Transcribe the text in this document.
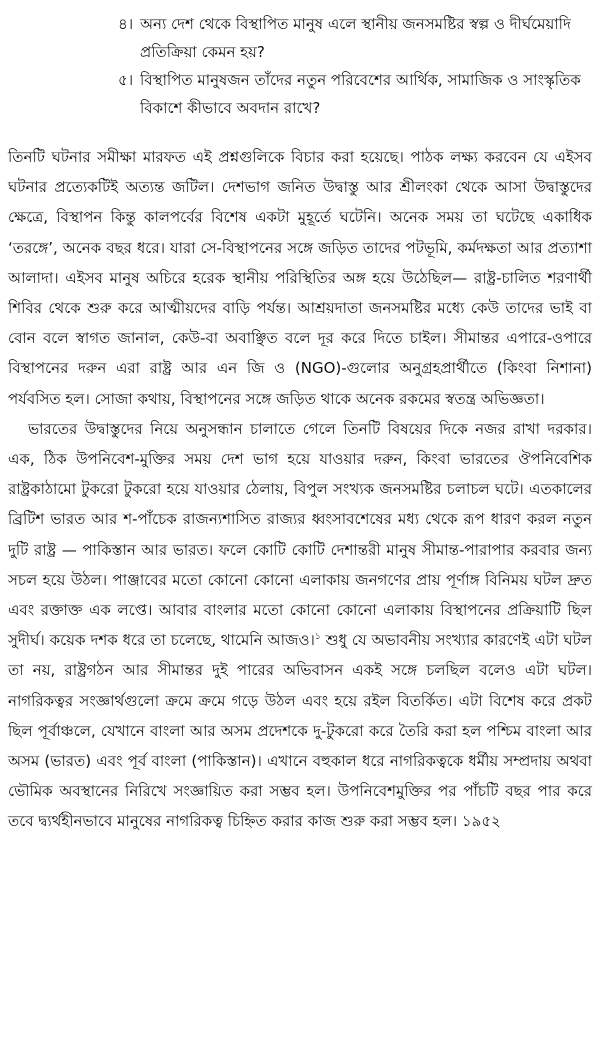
৪। অন্য দেশ থেকে বিস্থাপিত মানুষ এলে স্থানীয় জনসমষ্টির স্বল্প ও দীর্ঘমেয়াদি প্রতিক্রিয়া কেমন হয়?
৫। বিস্থাপিত মানুষজন তাঁদের নতুন পরিবেশের আর্থিক, সামাজিক ও সাংস্কৃতিক বিকাশে কীভাবে অবদান রাখে?

তিনটি ঘটনার সমীক্ষা মারফত এই প্রশ্নগুলিকে বিচার করা হয়েছে। পাঠক লক্ষ্য করবেন যে এইসব ঘটনার প্রত্যেকটিই অত্যন্ত জটিল। দেশভাগ জনিত উদ্বাস্তু আর শ্রীলংকা থেকে আসা উদ্বাস্তুদের ক্ষেত্রে, বিস্থাপন কিন্তু কালপর্বের বিশেষ একটা মুহূর্তে ঘটেনি। অনেক সময় তা ঘটেছে একাধিক ‘তরঙ্গে’, অনেক বছর ধরে। যারা সে-বিস্থাপনের সঙ্গে জড়িত তাদের পটভূমি, কর্মদক্ষতা আর প্রত্যাশা আলাদা। এইসব মানুষ অচিরে হরেক স্থানীয় পরিস্থিতির অঙ্গ হয়ে উঠেছিল— রাষ্ট্র-চালিত শরণার্থী শিবির থেকে শুরু করে আত্মীয়দের বাড়ি পর্যন্ত। আশ্রয়দাতা জনসমষ্টির মধ্যে কেউ তাদের ভাই বা বোন বলে স্বাগত জানাল, কেউ-বা অবাঞ্ছিত বলে দূর করে দিতে চাইল। সীমান্তর এপারে-ওপারে বিস্থাপনের দরুন এরা রাষ্ট্র আর এন জি ও (NGO)-গুলোর অনুগ্রহপ্রার্থীতে (কিংবা নিশানা) পর্যবসিত হল। সোজা কথায়, বিস্থাপনের সঙ্গে জড়িত থাকে অনেক রকমের স্বতন্ত্র অভিজ্ঞতা।

ভারতের উদ্বাস্তুদের নিয়ে অনুসন্ধান চালাতে গেলে তিনটি বিষয়ের দিকে নজর রাখা দরকার। এক, ঠিক উপনিবেশ-মুক্তির সময় দেশ ভাগ হয়ে যাওয়ার দরুন, কিংবা ভারতের ঔপনিবেশিক রাষ্ট্রকাঠামো টুকরো টুকরো হয়ে যাওয়ার ঠেলায়, বিপুল সংখ্যক জনসমষ্টির চলাচল ঘটে। এতকালের ব্রিটিশ ভারত আর শ-পাঁচেক রাজন্যশাসিত রাজ্যর ধ্বংসাবশেষের মধ্য থেকে রূপ ধারণ করল নতুন দুটি রাষ্ট্র — পাকিস্তান আর ভারত। ফলে কোটি কোটি দেশান্তরী মানুষ সীমান্ত-পারাপার করবার জন্য সচল হয়ে উঠল। পাঞ্জাবের মতো কোনো কোনো এলাকায় জনগণের প্রায় পূর্ণাঙ্গ বিনিময় ঘটল দ্রুত এবং রক্তাক্ত এক লপ্তে। আবার বাংলার মতো কোনো কোনো এলাকায় বিস্থাপনের প্রক্রিয়াটি ছিল সুদীর্ঘ। কয়েক দশক ধরে তা চলেছে, থামেনি আজও।$^১$ শুধু যে অভাবনীয় সংখ্যার কারণেই এটা ঘটল তা নয়, রাষ্ট্রগঠন আর সীমান্তর দুই পারের অভিবাসন একই সঙ্গে চলছিল বলেও এটা ঘটল। নাগরিকত্বর সংজ্ঞার্থগুলো ক্রমে ক্রমে গড়ে উঠল এবং হয়ে রইল বিতর্কিত। এটা বিশেষ করে প্রকট ছিল পূর্বাঞ্চলে, যেখানে বাংলা আর অসম প্রদেশকে দু-টুকরো করে তৈরি করা হল পশ্চিম বাংলা আর অসম (ভারত) এবং পূর্ব বাংলা (পাকিস্তান)। এখানে বহুকাল ধরে নাগরিকত্বকে ধর্মীয় সম্প্রদায় অথবা ভৌমিক অবস্থানের নিরিখে সংজ্ঞায়িত করা সম্ভব হল। উপনিবেশমুক্তির পর পাঁচটি বছর পার করে তবে দ্ব্যর্থহীনভাবে মানুষের নাগরিকত্ব চিহ্নিত করার কাজ শুরু করা সম্ভব হল। ১৯৫২
